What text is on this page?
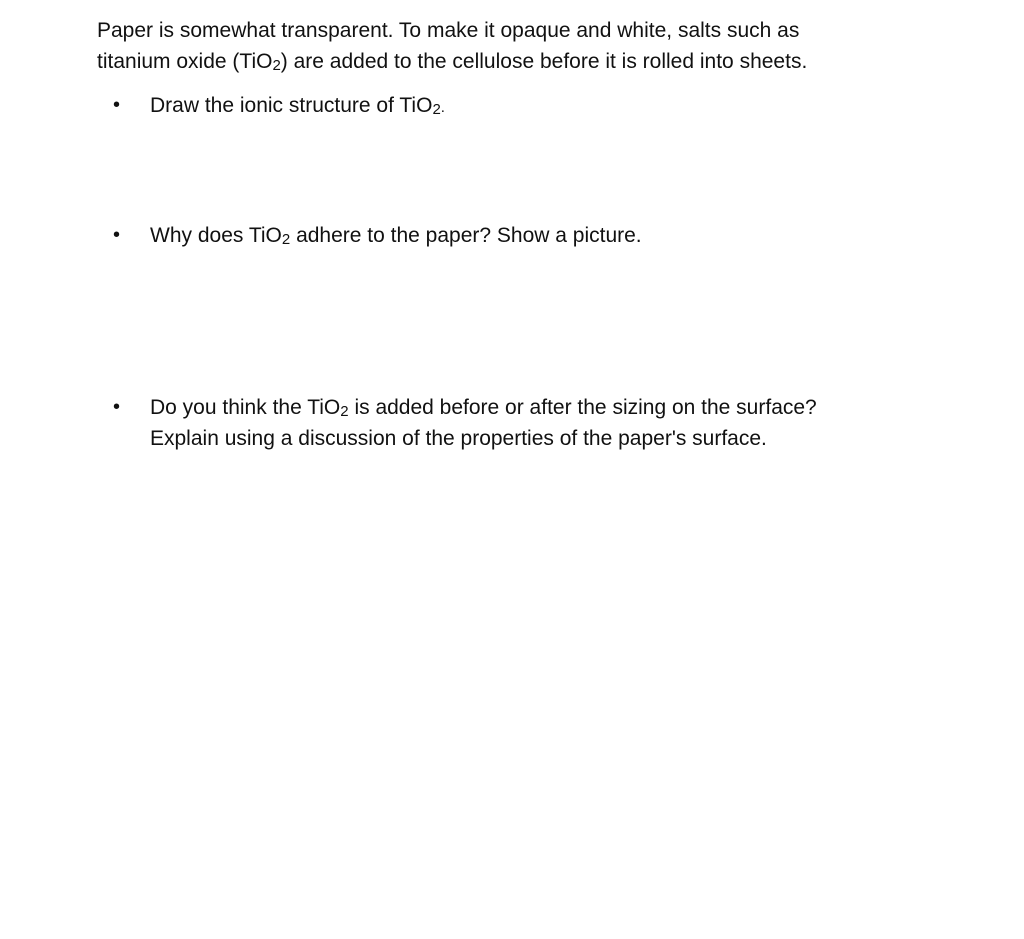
Paper is somewhat transparent. To make it opaque and white, salts such as

titanium oxide (TiO$_2$) are added to the cellulose before it is rolled into sheets.

•	Draw the ionic structure of TiO$_2$.

•	Why does TiO$_2$ adhere to the paper? Show a picture.

•	Do you think the TiO$_2$ is added before or after the sizing on the surface?

Explain using a discussion of the properties of the paper's surface.
